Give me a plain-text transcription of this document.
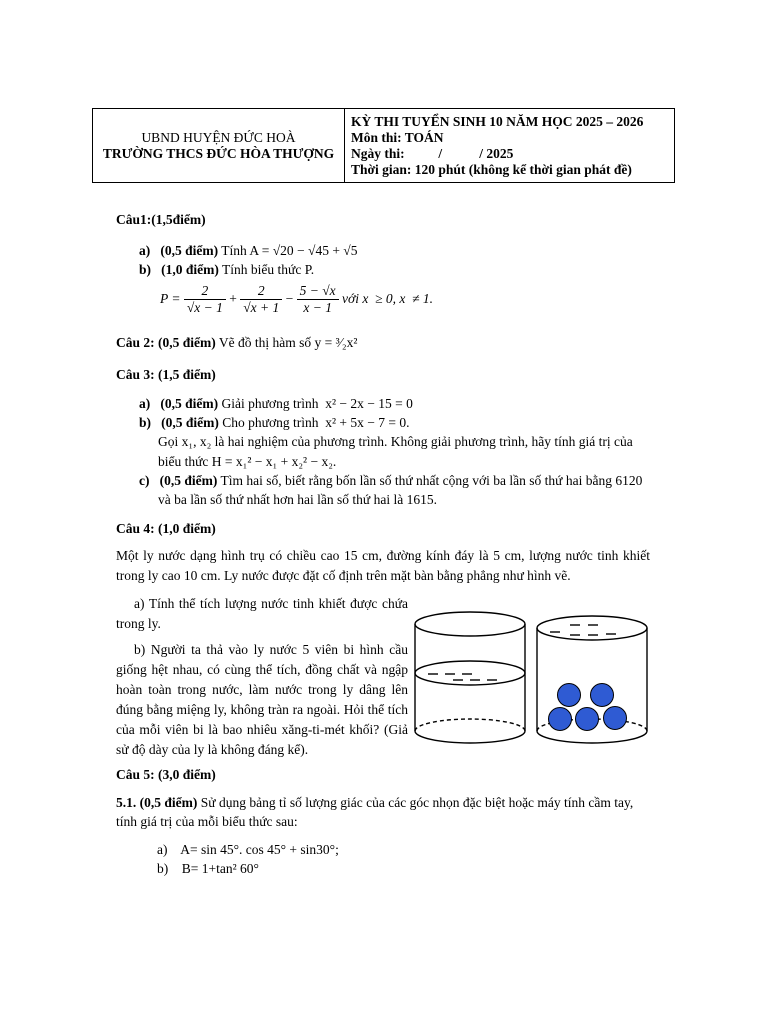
UBND HUYỆN ĐỨC HOÀ
TRƯỜNG THCS ĐỨC HÒA THƯỢNG
KỲ THI TUYỂN SINH 10 NĂM HỌC 2025 – 2026
Môn thi: TOÁN
Ngày thi:          /           / 2025
Thời gian: 120 phút (không kể thời gian phát đề)
Câu1:(1,5điểm)
a) (0,5 điểm) Tính A = √20 − √45 + √5
b) (1,0 điểm) Tính biểu thức P.
$P = \frac{2}{√x - 1} + \frac{2}{√x + 1} - \frac{5 - √x}{x - 1}$ với x  ≥ 0, x  ≠ 1.
Câu 2: (0,5 điểm) Vẽ đồ thị hàm số y = ³⁄₂x²
Câu 3: (1,5 điểm)
a) (0,5 điểm) Giải phương trình  x² − 2x − 15 = 0
b) (0,5 điểm) Cho phương trình  x² + 5x − 7 = 0.
Gọi x₁, x₂ là hai nghiệm của phương trình. Không giải phương trình, hãy tính giá trị của
biểu thức H = x₁² − x₁ + x₂² − x₂.
c) (0,5 điểm) Tìm hai số, biết rằng bốn lần số thứ nhất cộng với ba lần số thứ hai bằng 6120
và ba lần số thứ nhất hơn hai lần số thứ hai là 1615.
Câu 4: (1,0 điểm)
Một ly nước dạng hình trụ có chiều cao 15 cm, đường kính đáy là 5 cm, lượng nước tinh khiết trong ly cao 10 cm. Ly nước được đặt cố định trên mặt bàn bằng phẳng như hình vẽ.
a) Tính thể tích lượng nước tinh khiết được chứa trong ly.
b) Người ta thả vào ly nước 5 viên bi hình cầu giống hệt nhau, có cùng thể tích, đồng chất và ngập hoàn toàn trong nước, làm nước trong ly dâng lên đúng bằng miệng ly, không tràn ra ngoài. Hỏi thể tích của mỗi viên bi là bao nhiêu xăng-ti-mét khối? (Giả sử độ dày của ly là không đáng kể).
Câu 5: (3,0 điểm)
5.1. (0,5 điểm) Sử dụng bảng tỉ số lượng giác của các góc nhọn đặc biệt hoặc máy tính cầm tay,
tính giá trị của mỗi biểu thức sau:
a) A= sin 45°. cos 45° + sin30°;
b) B= 1+tan² 60°
